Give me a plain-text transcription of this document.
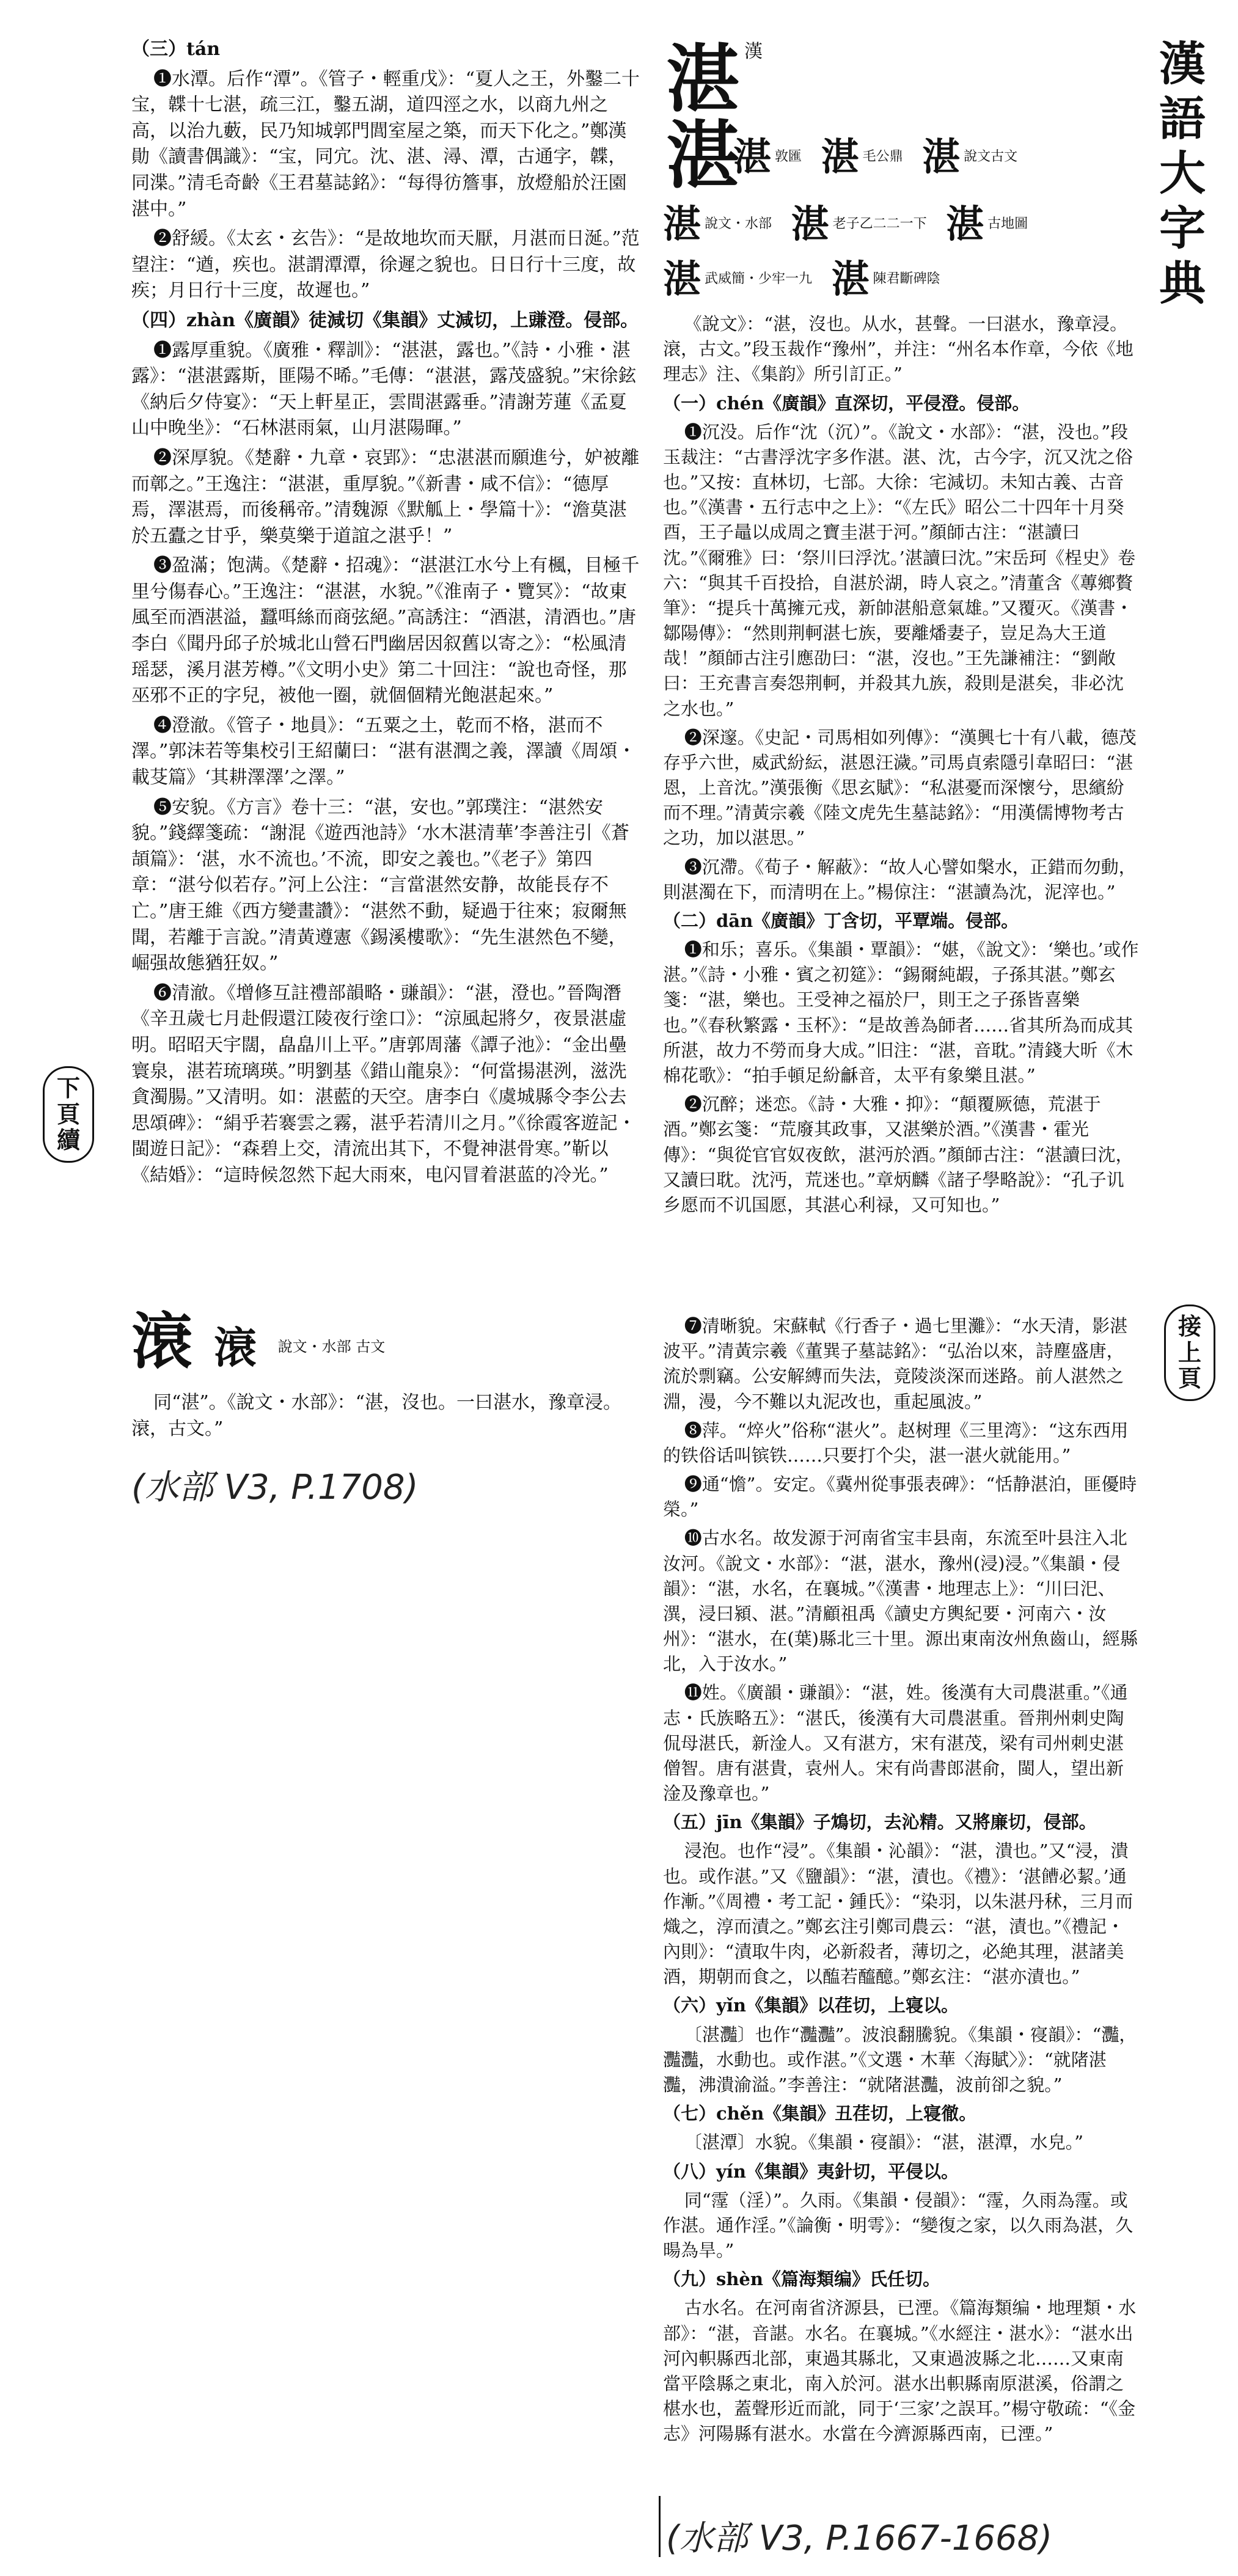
漢
語
大
字
典
湛 $^漢$
湛
湛敦匯 湛 毛公鼎 湛 說文古文
湛說文・水部 湛 老子乙二二一下 湛 古地圖
湛武威簡・少牢一九 湛 陳君斷碑陰

（三）tán

❶水潭。后作“潭”。《管子・輕重戊》：“夏人之王，外鑿二十宝，韘十七湛，疏三江，鑿五湖，道四涇之水，以商九州之高，以治九藪，民乃知城郭門閭室屋之築，而天下化之。”鄭漢勛《讀書偶識》：“宝，同宂。沈、湛、潯、潭，古通字，韘，同渫。”清毛奇齡《王君墓誌銘》：“每得彷簷事，放燈船於汪園湛中。”

❷舒緩。《太玄・玄告》：“是故地坎而天厭，月湛而日涎。”范望注：“遒，疾也。湛謂潭潭，徐遲之貌也。日日行十三度，故疾；月日行十三度，故遲也。”

（四）zhàn《廣韻》徒減切《集韻》丈減切，上豏澄。侵部。

❶露厚重貌。《廣雅・釋訓》：“湛湛，露也。”《詩・小雅・湛露》：“湛湛露斯，匪陽不晞。”毛傳：“湛湛，露茂盛貌。”宋徐鉉《納后夕侍宴》：“天上軒星正，雲間湛露垂。”清謝芳蓮《孟夏山中晚坐》：“石林湛雨氣，山月湛陽暉。”

❷深厚貌。《楚辭・九章・哀郢》：“忠湛湛而願進兮，妒被離而鄣之。”王逸注：“湛湛，重厚貌。”《新書・咸不信》：“德厚焉，澤湛焉，而後稱帝。”清魏源《默觚上・學篇十》：“澹莫湛於五蠹之甘乎，樂莫樂于道誼之湛乎！”

❸盈滿；饱满。《楚辭・招魂》：“湛湛江水兮上有楓，目極千里兮傷春心。”王逸注：“湛湛，水貌。”《淮南子・覽冥》：“故東風至而酒湛溢，蠶咡絲而商弦絕。”高誘注：“酒湛，清酒也。”唐李白《聞丹邱子於城北山營石門幽居因叙舊以寄之》：“松風清瑶瑟，溪月湛芳樽。”《文明小史》第二十回注：“說也奇怪，那巫邪不正的字兒，被他一圈，就個個精光飽湛起來。”

❹澄澈。《管子・地員》：“五粟之土，乾而不格，湛而不澤。”郭沫若等集校引王紹蘭曰：“湛有湛潤之義，澤讀《周頌・載芟篇》‘其耕澤澤’之澤。”

❺安貌。《方言》卷十三：“湛，安也。”郭璞注：“湛然安貌。”錢繹箋疏：“謝混《遊西池詩》‘水木湛清華’李善注引《蒼頡篇》：‘湛，水不流也。’不流，即安之義也。”《老子》第四章：“湛兮似若存。”河上公注：“言當湛然安静，故能長存不亡。”唐王維《西方變畫讚》：“湛然不動，疑過于往來；寂爾無聞，若離于言說。”清黃遵憲《錫溪樓歌》：“先生湛然色不變，崛强故態猶狂奴。”

❻清澈。《增修互註禮部韻略・豏韻》：“湛，澄也。”晉陶潛《辛丑歲七月赴假還江陵夜行塗口》：“涼風起將夕，夜景湛虛明。昭昭天宇闊，皛皛川上平。”唐郭周藩《譚子池》：“金出壘寰泉，湛若琉璃瑛。”明劉基《錯山龍泉》：“何當揚湛洌，滋洗貪濁腸。”又清明。如：湛藍的天空。唐李白《虞城縣令李公去思頌碑》：“絹乎若褰雲之霧，湛乎若清川之月。”《徐霞客遊記・閩遊日記》：“森碧上交，清流出其下，不覺神湛骨寒。”靳以《結婚》：“這時候忽然下起大雨來，电闪冒着湛蓝的冷光。”

《說文》：“湛，沒也。从水，甚聲。一曰湛水，豫章浸。滖，古文。”段玉裁作“豫州”，并注：“州名本作章，今依《地理志》注、《集韵》所引訂正。”

（一）chén《廣韻》直深切，平侵澄。侵部。

❶沉没。后作“沈（沉）”。《說文・水部》：“湛，没也。”段玉裁注：“古書浮沈字多作湛。湛、沈，古今字，沉又沈之俗也。”又按：直林切，七部。大徐：宅減切。未知古義、古音也。”《漢書・五行志中之上》：“《左氏》昭公二十四年十月癸酉，王子鼂以成周之寶圭湛于河。”顏師古注：“湛讀曰沈。”《爾雅》曰：‘祭川曰浮沈。’湛讀曰沈。”宋岳珂《桯史》卷六：“與其千百投拾，自湛於湖，時人哀之。”清董含《蓴鄉贅筆》：“提兵十萬擁元戎，新帥湛船意氣雄。”又覆灭。《漢書・鄒陽傳》：“然則荆軻湛七族，要離燔妻子，豈足為大王道哉！”顏師古注引應劭曰：“湛，沒也。”王先謙補注：“劉敞曰：王充書言奏怨荆軻，并殺其九族，殺則是湛矣，非必沈之水也。”

❷深邃。《史記・司馬相如列傳》：“漢興七十有八載，德茂存乎六世，威武紛紜，湛恩汪濊。”司馬貞索隱引韋昭曰：“湛恩，上音沈。”漢張衡《思玄賦》：“私湛憂而深懷兮，思繽紛而不理。”清黃宗羲《陸文虎先生墓誌銘》：“用漢儒博物考古之功，加以湛思。”

❸沉滯。《荀子・解蔽》：“故人心譬如槃水，正錯而勿動，則湛濁在下，而清明在上。”楊倞注：“湛讀為沈，泥滓也。”

（二）dān《廣韻》丁含切，平覃端。侵部。

❶和乐；喜乐。《集韻・覃韻》：“媅，《說文》：‘樂也。’或作湛。”《詩・小雅・賓之初筵》：“錫爾純嘏，子孫其湛。”鄭玄箋：“湛，樂也。王受神之福於尸，則王之子孫皆喜樂也。”《春秋繁露・玉杯》：“是故善為師者……省其所為而成其所湛，故力不勞而身大成。”旧注：“湛，音耽。”清錢大昕《木棉花歌》：“拍手頓足紛龢音，太平有象樂且湛。”

❷沉醉；迷恋。《詩・大雅・抑》：“顛覆厥德，荒湛于酒。”鄭玄箋：“荒廢其政事，又湛樂於酒。”《漢書・霍光傳》：“與從官官奴夜飲，湛沔於酒。”顏師古注：“湛讀曰沈，又讀曰耽。沈沔，荒迷也。”章炳麟《諸子學略說》：“孔子讥乡愿而不讥国愿，其湛心利禄，又可知也。”

下頁續
接上頁
滖 滖 說文・水部 古文

同“湛”。《說文・水部》：“湛，沒也。一曰湛水，豫章浸。滖，古文。”

(水部 V3, P.1708)

❼清晰貌。宋蘇軾《行香子・過七里灘》：“水天清，影湛波平。”清黃宗羲《董巽子墓誌銘》：“弘治以來，詩塵盛唐，流於剽竊。公安解縛而失法，竟陵淡深而迷路。前人湛然之淵，漫，今不難以丸泥改也，重起風波。”

❽萍。“焠火”俗称“湛火”。赵树理《三里湾》：“这东西用的铁俗话叫镔铁……只要打个尖，湛一湛火就能用。”

❾通“憺”。安定。《冀州從事張表碑》：“恬静湛泊，匪優時榮。”

❿古水名。故发源于河南省宝丰县南，东流至叶县注入北汝河。《說文・水部》：“湛，湛水，豫州(浸)浸。”《集韻・侵韻》：“湛，水名，在襄城。”《漢書・地理志上》：“川曰汜、潩，浸曰潁、湛。”清顧祖禹《讀史方輿紀要・河南六・汝州》：“湛水，在(葉)縣北三十里。源出東南汝州魚齒山，經縣北，入于汝水。”

⓫姓。《廣韻・豏韻》：“湛，姓。後漢有大司農湛重。”《通志・氏族略五》：“湛氏，後漢有大司農湛重。晉荆州刺史陶侃母湛氏，新淦人。又有湛方，宋有湛茂，梁有司州刺史湛僧智。唐有湛貴，袁州人。宋有尚書郎湛俞，閩人，望出新淦及豫章也。”

（五）jīn《集韻》子鴆切，去沁精。又將廉切，侵部。

浸泡。也作“浸”。《集韻・沁韻》：“湛，潰也。”又“浸，潰也。或作湛。”又《鹽韻》：“湛，漬也。《禮》：‘湛𩞄必絜。’通作漸。”《周禮・考工記・鍾氏》：“染羽，以朱湛丹秫，三月而熾之，淳而漬之。”鄭玄注引鄭司農云：“湛，漬也。”《禮記・內則》：“漬取牛肉，必新殺者，薄切之，必絶其理，湛諸美酒，期朝而食之，以醢若醯醷。”鄭玄注：“湛亦漬也。”

（六）yǐn《集韻》以荏切，上寝以。

〔湛灩〕也作“灩灩”。波浪翻騰貌。《集韻・寑韻》：“灩，灩灩，水動也。或作湛。”《文選・木華〈海賦〉》：“就陼湛灩，沸潰渝溢。”李善注：“就陼湛灩，波前卻之貌。”

（七）chěn《集韻》丑荏切，上寝徹。

〔湛潭〕水貌。《集韻・寑韻》：“湛，湛潭，水皃。”

（八）yín《集韻》夷針切，平侵以。

同“霪（淫）”。久雨。《集韻・侵韻》：“霪，久雨為霪。或作湛。通作淫。”《論衡・明雩》：“變復之家，以久雨為湛，久暘為旱。”

（九）shèn《篇海類编》氏任切。

古水名。在河南省济源县，已湮。《篇海類编・地理類・水部》：“湛，音諶。水名。在襄城。”《水經注・湛水》：“湛水出河內軹縣西北部，東過其縣北，又東過波縣之北……又東南當平陰縣之東北，南入於河。湛水出軹縣南原湛溪，俗謂之椹水也，蓋聲形近而訛，同于‘三家’之誤耳。”楊守敬疏：“《金志》河陽縣有湛水。水當在今濟源縣西南，已湮。”

(水部 V3, P.1667-1668)
